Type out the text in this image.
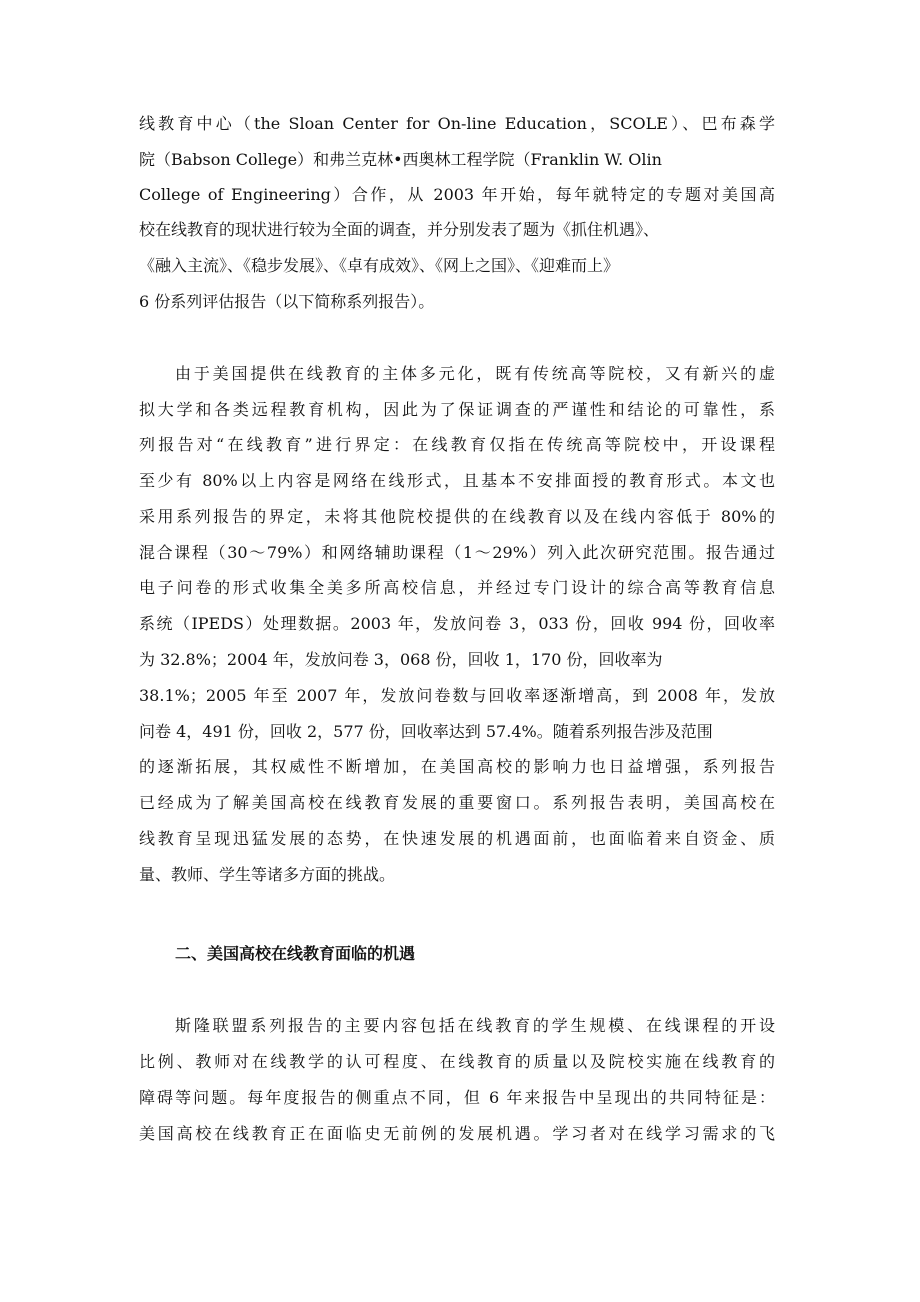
线教育中心（the Sloan Center for On-line Education，SCOLE）、巴布森学
院（Babson College）和弗兰克林•西奥林工程学院（Franklin W. Olin
College of Engineering）合作，从 2003 年开始，每年就特定的专题对美国高
校在线教育的现状进行较为全面的调查，并分别发表了题为《抓住机遇》、
《融入主流》、《稳步发展》、《卓有成效》、《网上之国》、《迎难而上》
6 份系列评估报告（以下简称系列报告）。
由于美国提供在线教育的主体多元化，既有传统高等院校，又有新兴的虚
拟大学和各类远程教育机构，因此为了保证调查的严谨性和结论的可靠性，系
列报告对“在线教育”进行界定：在线教育仅指在传统高等院校中，开设课程
至少有 80%以上内容是网络在线形式，且基本不安排面授的教育形式。本文也
采用系列报告的界定，未将其他院校提供的在线教育以及在线内容低于 80%的
混合课程（30～79%）和网络辅助课程（1～29%）列入此次研究范围。报告通过
电子问卷的形式收集全美多所高校信息，并经过专门设计的综合高等教育信息
系统（IPEDS）处理数据。2003 年，发放问卷 3，033 份，回收 994 份，回收率
为 32.8%；2004 年，发放问卷 3，068 份，回收 1，170 份，回收率为
38.1%；2005 年至 2007 年，发放问卷数与回收率逐渐增高，到 2008 年，发放
问卷 4，491 份，回收 2，577 份，回收率达到 57.4%。随着系列报告涉及范围
的逐渐拓展，其权威性不断增加，在美国高校的影响力也日益增强，系列报告
已经成为了解美国高校在线教育发展的重要窗口。系列报告表明，美国高校在
线教育呈现迅猛发展的态势，在快速发展的机遇面前，也面临着来自资金、质
量、教师、学生等诸多方面的挑战。
二、美国高校在线教育面临的机遇
斯隆联盟系列报告的主要内容包括在线教育的学生规模、在线课程的开设
比例、教师对在线教学的认可程度、在线教育的质量以及院校实施在线教育的
障碍等问题。每年度报告的侧重点不同，但 6 年来报告中呈现出的共同特征是：
美国高校在线教育正在面临史无前例的发展机遇。学习者对在线学习需求的飞
